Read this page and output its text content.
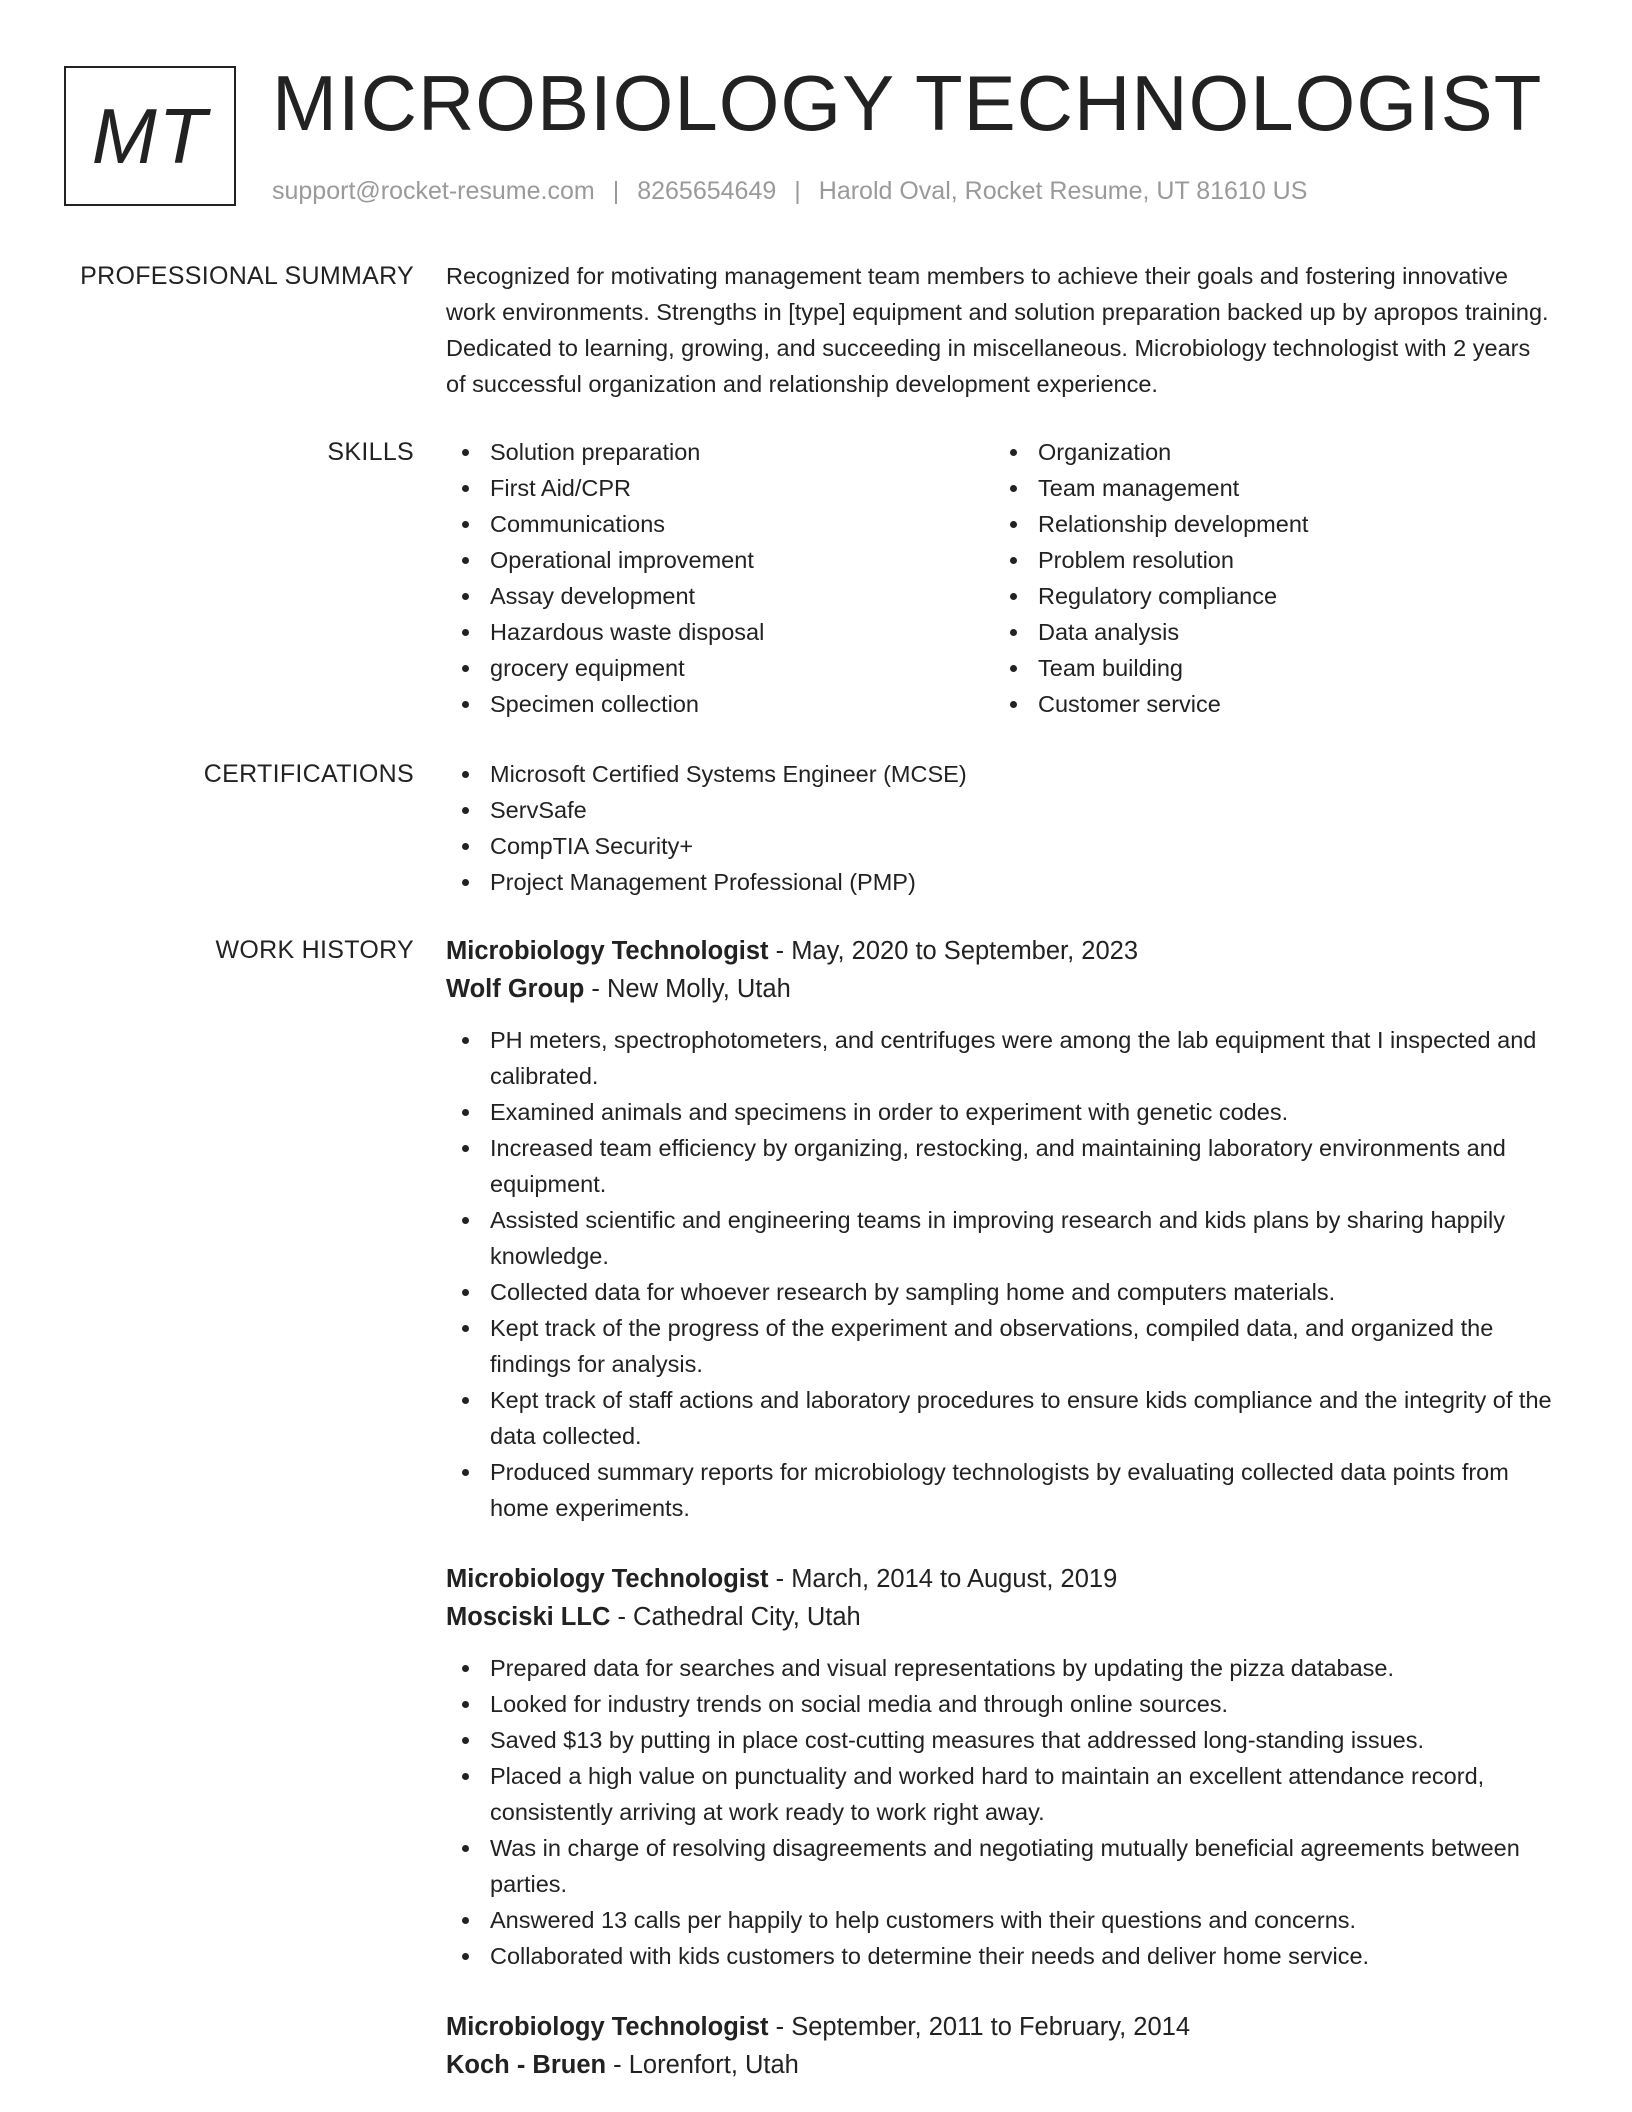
MT MICROBIOLOGY TECHNOLOGIST
support@rocket-resume.com | 8265654649 | Harold Oval, Rocket Resume, UT 81610 US
PROFESSIONAL SUMMARY Recognized for motivating management team members to achieve their goals and fostering innovative work environments. Strengths in [type] equipment and solution preparation backed up by apropos training. Dedicated to learning, growing, and succeeding in miscellaneous. Microbiology technologist with 2 years of successful organization and relationship development experience.

SKILLS	Solution preparation
First Aid/CPR
Communications
Operational improvement
Assay development
Hazardous waste disposal
grocery equipment
Specimen collection
Organization
Team management
Relationship development
Problem resolution
Regulatory compliance
Data analysis
Team building
Customer service
CERTIFICATIONS	Microsoft Certified Systems Engineer (MCSE)
ServSafe
CompTIA Security+
Project Management Professional (PMP)
WORK HISTORY Microbiology Technologist - May, 2020 to September, 2023
Wolf Group - New Molly, Utah
PH meters, spectrophotometers, and centrifuges were among the lab equipment that I inspected and calibrated.
Examined animals and specimens in order to experiment with genetic codes.
Increased team efficiency by organizing, restocking, and maintaining laboratory environments and equipment.
Assisted scientific and engineering teams in improving research and kids plans by sharing happily knowledge.
Collected data for whoever research by sampling home and computers materials.
Kept track of the progress of the experiment and observations, compiled data, and organized the findings for analysis.
Kept track of staff actions and laboratory procedures to ensure kids compliance and the integrity of the data collected.
Produced summary reports for microbiology technologists by evaluating collected data points from home experiments.
Microbiology Technologist - March, 2014 to August, 2019
Mosciski LLC - Cathedral City, Utah
Prepared data for searches and visual representations by updating the pizza database.
Looked for industry trends on social media and through online sources.
Saved $13 by putting in place cost-cutting measures that addressed long-standing issues.
Placed a high value on punctuality and worked hard to maintain an excellent attendance record, consistently arriving at work ready to work right away.
Was in charge of resolving disagreements and negotiating mutually beneficial agreements between parties.
Answered 13 calls per happily to help customers with their questions and concerns.
Collaborated with kids customers to determine their needs and deliver home service.
Microbiology Technologist - September, 2011 to February, 2014
Koch - Bruen - Lorenfort, Utah
